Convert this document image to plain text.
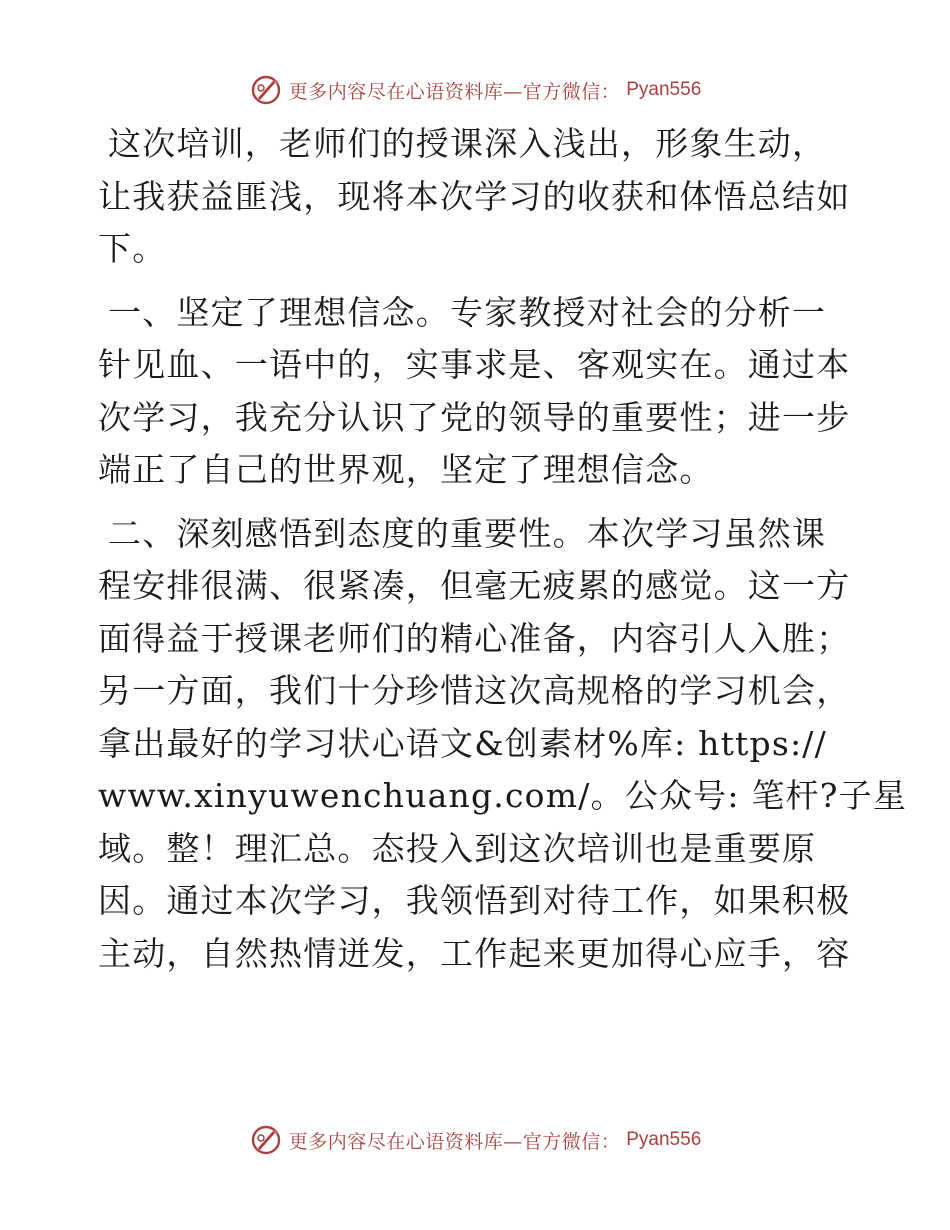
更多内容尽在心语资料库—官方微信： Pyan556
这次培训，老师们的授课深入浅出，形象生动，
让我获益匪浅，现将本次学习的收获和体悟总结如
下。
一、坚定了理想信念。专家教授对社会的分析一
针见血、一语中的，实事求是、客观实在。通过本
次学习，我充分认识了党的领导的重要性；进一步
端正了自己的世界观，坚定了理想信念。
二、深刻感悟到态度的重要性。本次学习虽然课
程安排很满、很紧凑，但毫无疲累的感觉。这一方
面得益于授课老师们的精心准备，内容引人入胜；
另一方面，我们十分珍惜这次高规格的学习机会，
拿出最好的学习状心语文&创素材%库: https://
www.xinyuwenchuang.com/。公众号: 笔杆?子星
域。整！理汇总。态投入到这次培训也是重要原
因。通过本次学习，我领悟到对待工作，如果积极
主动，自然热情迸发，工作起来更加得心应手，容
更多内容尽在心语资料库—官方微信： Pyan556
